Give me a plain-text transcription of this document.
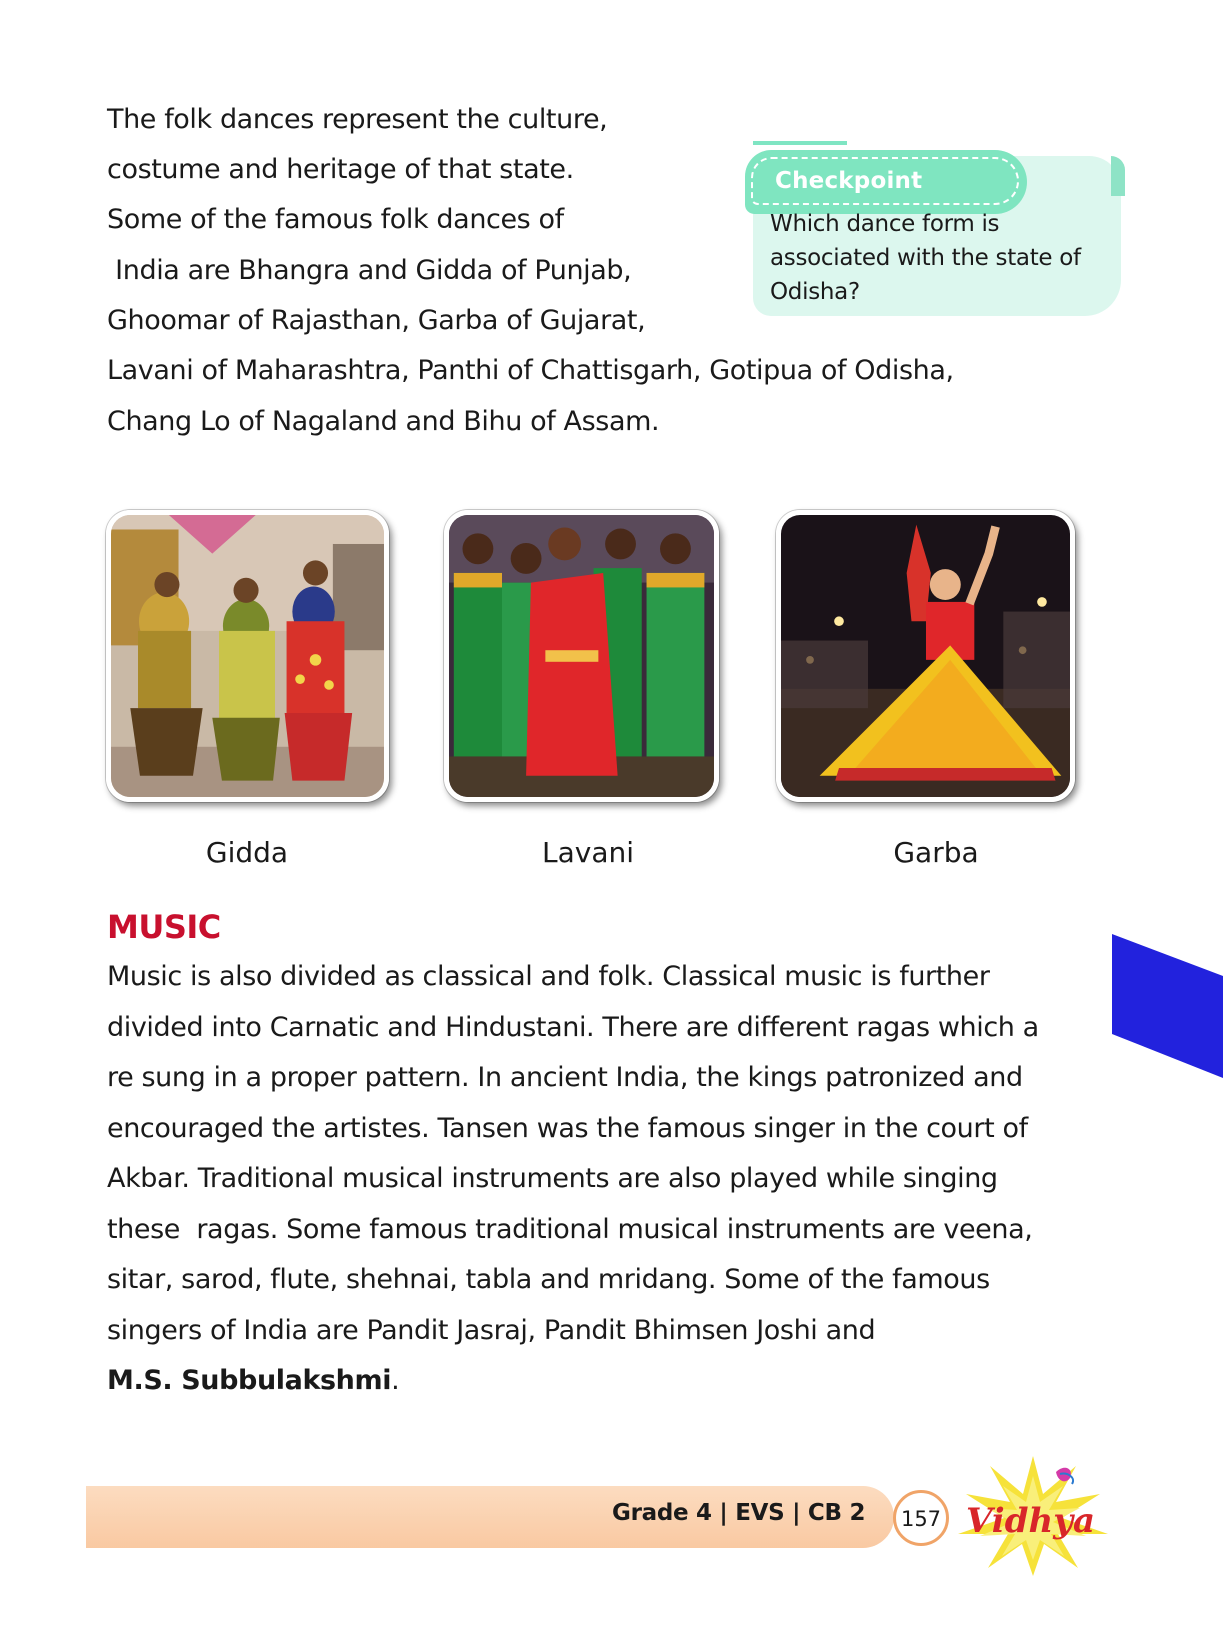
The folk dances represent the culture,
costume and heritage of that state.
Some of the famous folk dances of
India are Bhangra and Gidda of Punjab,
Ghoomar of Rajasthan, Garba of Gujarat,
Lavani of Maharashtra, Panthi of Chattisgarh, Gotipua of Odisha,
Chang Lo of Nagaland and Bihu of Assam.
Checkpoint
Which dance form is
associated with the state of
Odisha?
Gidda	Lavani	Garba
MUSIC
Music is also divided as classical and folk. Classical music is further
divided into Carnatic and Hindustani. There are different ragas which a
re sung in a proper pattern. In ancient India, the kings patronized and
encouraged the artistes. Tansen was the famous singer in the court of
Akbar. Traditional musical instruments are also played while singing
these  ragas. Some famous traditional musical instruments are veena,
sitar, sarod, flute, shehnai, tabla and mridang. Some of the famous
singers of India are Pandit Jasraj, Pandit Bhimsen Joshi and
M.S. Subbulakshmi.
Grade 4 | EVS | CB 2 157 Vidhya
